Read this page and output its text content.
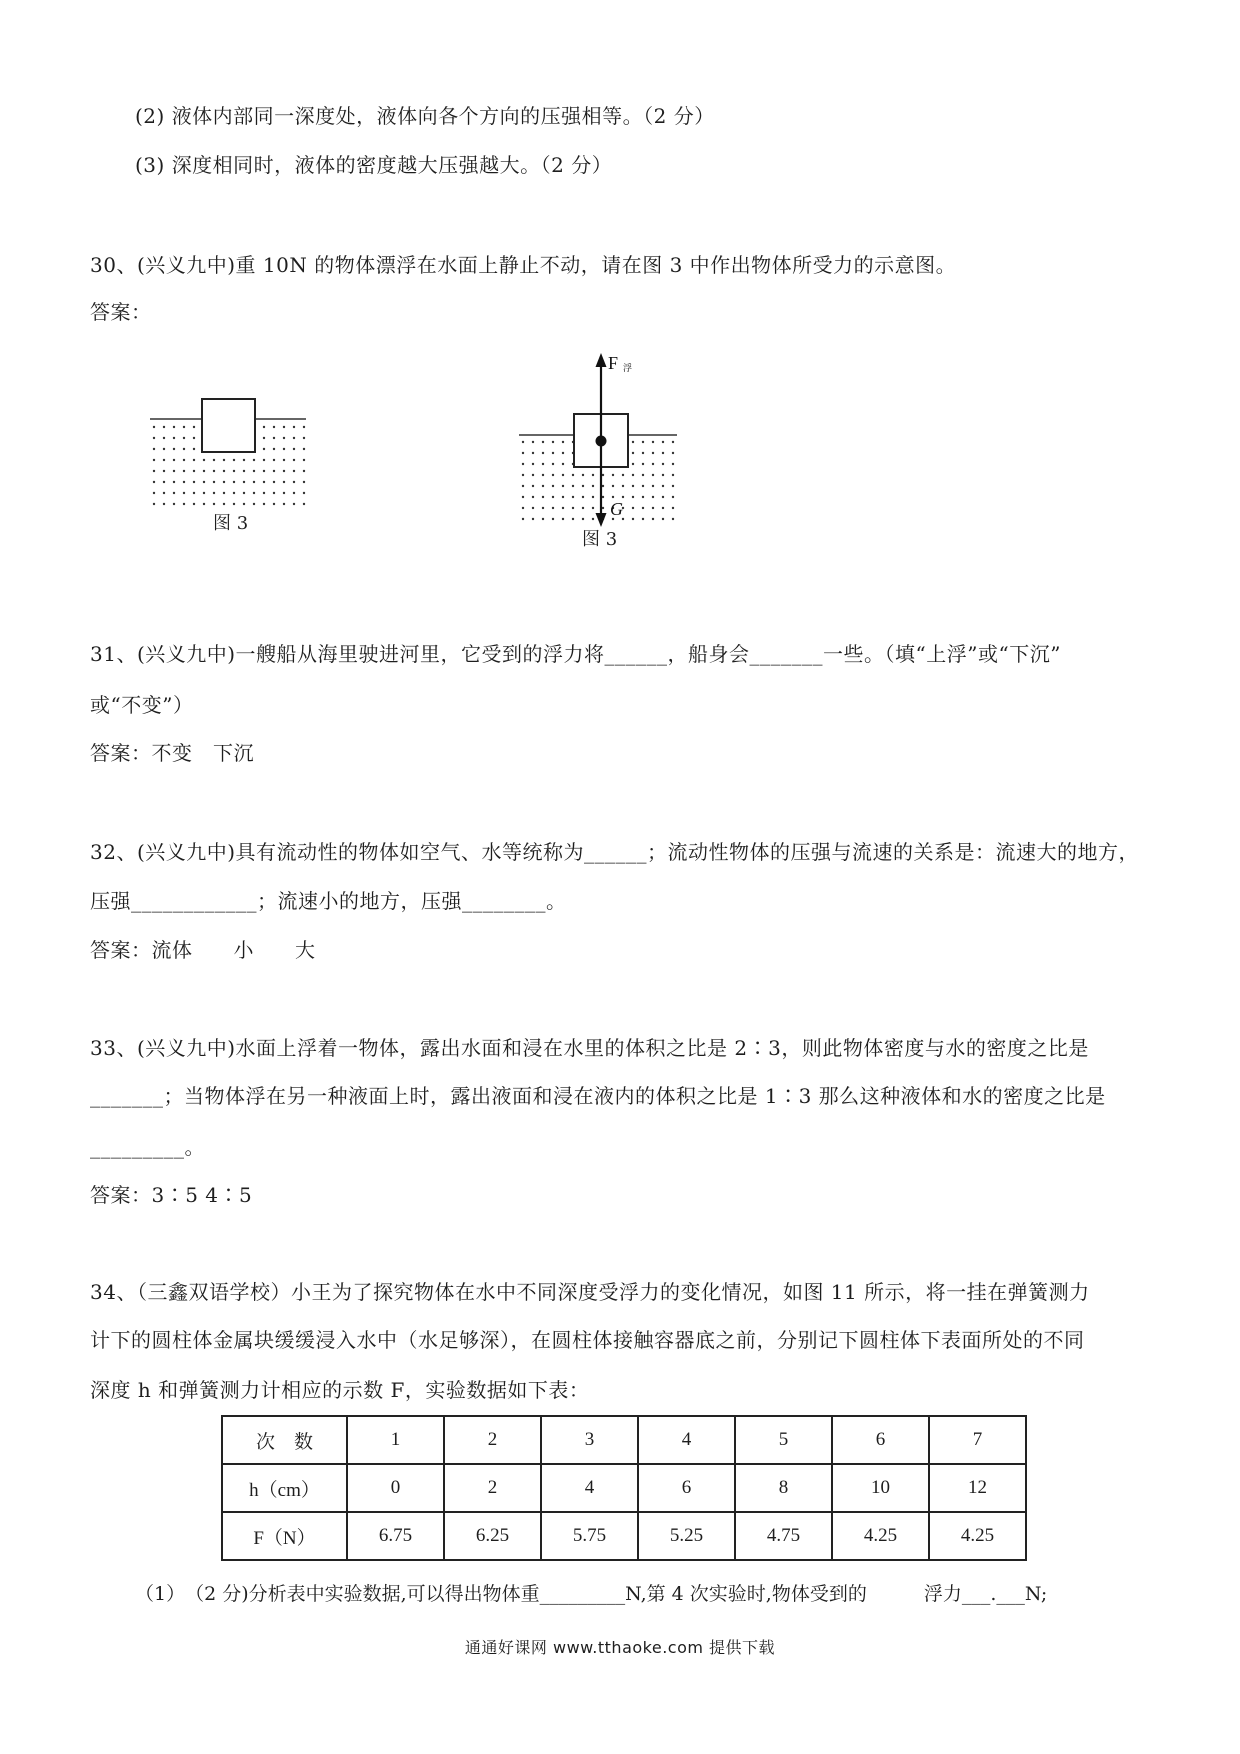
(2) 液体内部同一深度处，液体向各个方向的压强相等。（2 分）
(3) 深度相同时，液体的密度越大压强越大。（2 分）
30、(兴义九中)重 10N 的物体漂浮在水面上静止不动，请在图 3 中作出物体所受力的示意图。
答案：
图 3
F 浮
G
图 3
31、(兴义九中)一艘船从海里驶进河里，它受到的浮力将______，船身会_______一些。（填“上浮”或“下沉”
或“不变”）
答案：不变　下沉
32、(兴义九中)具有流动性的物体如空气、水等统称为______；流动性物体的压强与流速的关系是：流速大的地方，
压强____________；流速小的地方，压强________。
答案：流体　　小　　大
33、(兴义九中)水面上浮着一物体，露出水面和浸在水里的体积之比是 2∶3，则此物体密度与水的密度之比是
_______；当物体浮在另一种液面上时，露出液面和浸在液内的体积之比是 1∶3 那么这种液体和水的密度之比是
_________。
答案：3∶5 4∶5
34、（三鑫双语学校）小王为了探究物体在水中不同深度受浮力的变化情况，如图 11 所示，将一挂在弹簧测力
计下的圆柱体金属块缓缓浸入水中（水足够深），在圆柱体接触容器底之前，分别记下圆柱体下表面所处的不同
深度 h 和弹簧测力计相应的示数 F，实验数据如下表：
次　数	1	2	3	4	5	6	7
h（cm）	0	2	4	6	8	10	12
F（N）	6.75	6.25	5.75	5.25	4.75	4.25	4.25
（1）　（2 分)分析表中实验数据,可以得出物体重_________N,第 4 次实验时,物体受到的　　　浮力___.___N;
通通好课网 www.tthaoke.com 提供下载
